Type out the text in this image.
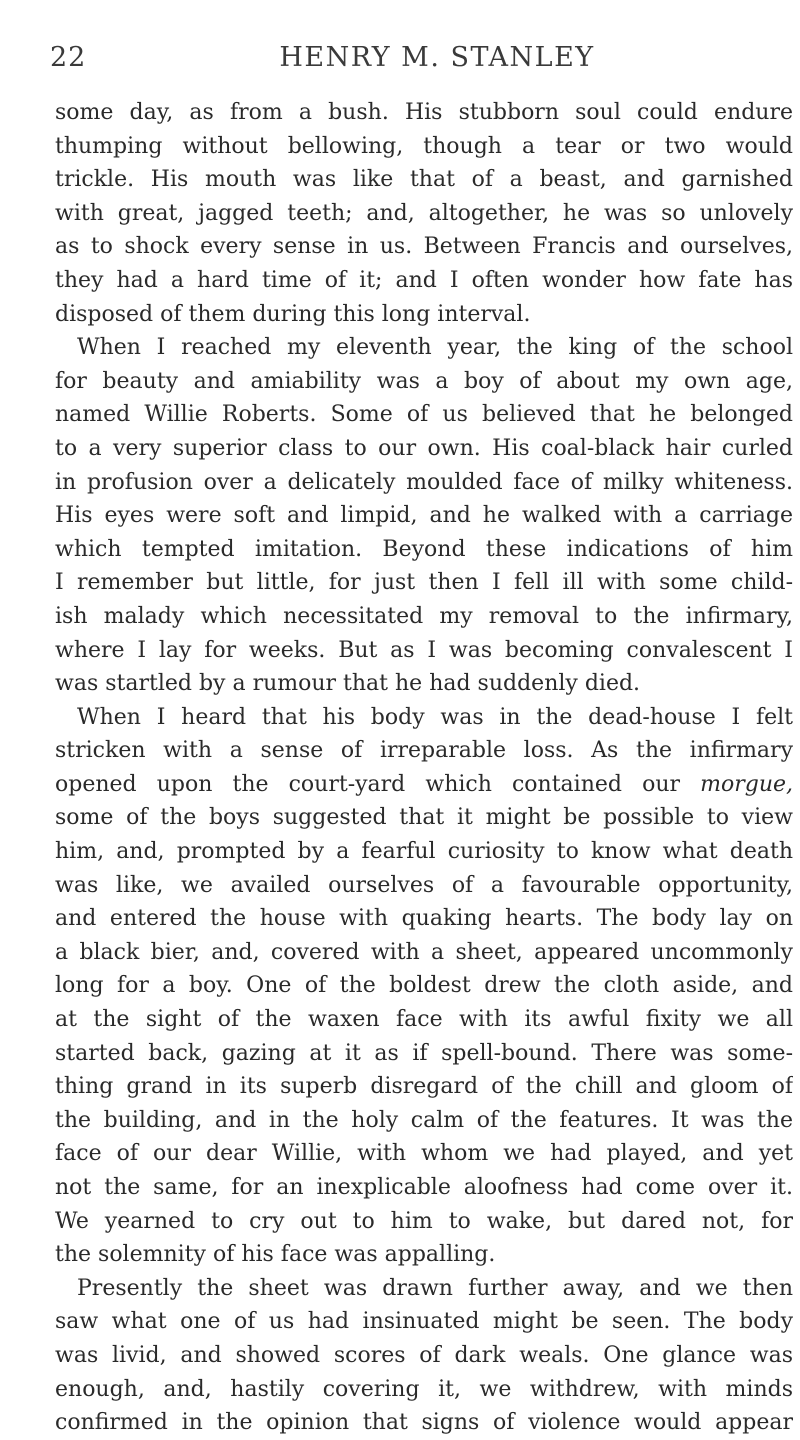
22	HENRY M. STANLEY
some day, as from a bush. His stubborn soul could endure
thumping without bellowing, though a tear or two would
trickle. His mouth was like that of a beast, and garnished
with great, jagged teeth; and, altogether, he was so unlovely
as to shock every sense in us. Between Francis and ourselves,
they had a hard time of it; and I often wonder how fate has
disposed of them during this long interval.
When I reached my eleventh year, the king of the school
for beauty and amiability was a boy of about my own age,
named Willie Roberts. Some of us believed that he belonged
to a very superior class to our own. His coal-black hair curled
in profusion over a delicately moulded face of milky whiteness.
His eyes were soft and limpid, and he walked with a carriage
which tempted imitation. Beyond these indications of him
I remember but little, for just then I fell ill with some child-
ish malady which necessitated my removal to the infirmary,
where I lay for weeks. But as I was becoming convalescent I
was startled by a rumour that he had suddenly died.
When I heard that his body was in the dead-house I felt
stricken with a sense of irreparable loss. As the infirmary
opened upon the court-yard which contained our morgue,
some of the boys suggested that it might be possible to view
him, and, prompted by a fearful curiosity to know what death
was like, we availed ourselves of a favourable opportunity,
and entered the house with quaking hearts. The body lay on
a black bier, and, covered with a sheet, appeared uncommonly
long for a boy. One of the boldest drew the cloth aside, and
at the sight of the waxen face with its awful fixity we all
started back, gazing at it as if spell-bound. There was some-
thing grand in its superb disregard of the chill and gloom of
the building, and in the holy calm of the features. It was the
face of our dear Willie, with whom we had played, and yet
not the same, for an inexplicable aloofness had come over it.
We yearned to cry out to him to wake, but dared not, for
the solemnity of his face was appalling.
Presently the sheet was drawn further away, and we then
saw what one of us had insinuated might be seen. The body
was livid, and showed scores of dark weals. One glance was
enough, and, hastily covering it, we withdrew, with minds
confirmed in the opinion that signs of violence would appear
